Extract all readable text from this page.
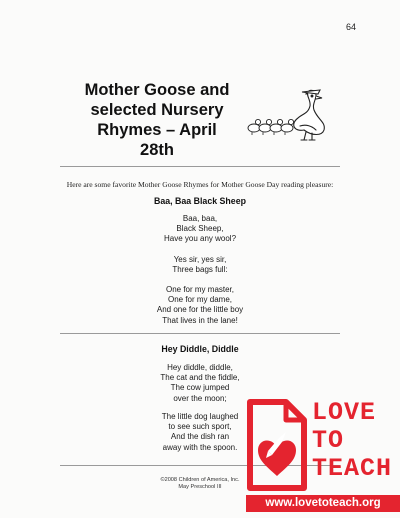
64
Mother Goose and
selected Nursery
Rhymes – April
28th
Here are some favorite Mother Goose Rhymes for Mother Goose Day reading pleasure:
Baa, Baa Black Sheep
Baa, baa,
Black Sheep,
Have you any wool?
Yes sir, yes sir,
Three bags full:
One for my master,
One for my dame,
And one for the little boy
That lives in the lane!
Hey Diddle, Diddle
Hey diddle, diddle,
The cat and the fiddle,
The cow jumped
over the moon;
The little dog laughed
to see such sport,
And the dish ran
away with the spoon.
©2008 Children of America, Inc.
May Preschool III
LOVE
TO
TEACH
www.lovetoteach.org
